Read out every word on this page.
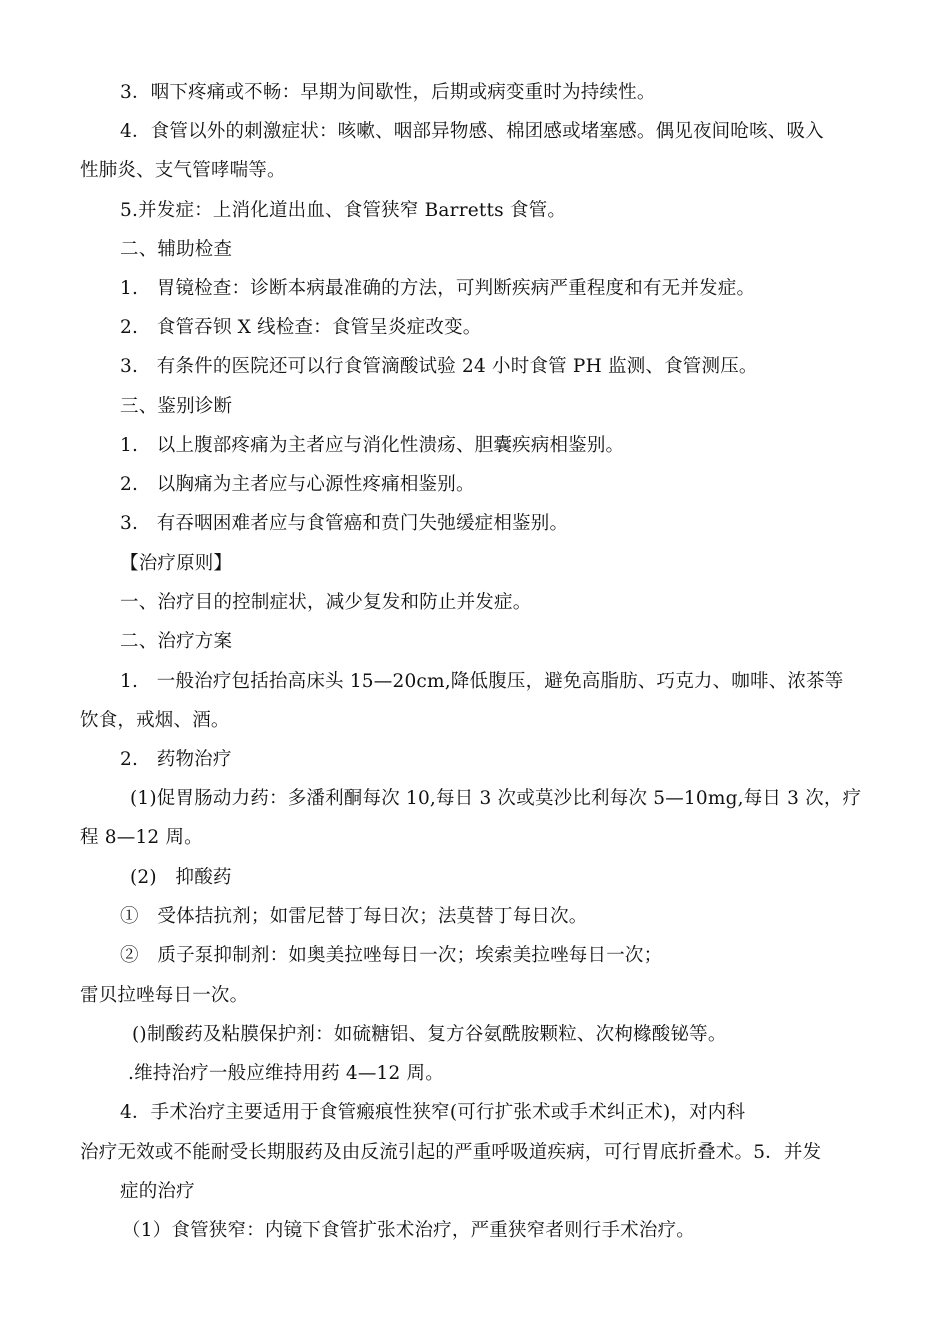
3．咽下疼痛或不畅：早期为间歇性，后期或病变重时为持续性。
4．食管以外的刺激症状：咳嗽、咽部异物感、棉团感或堵塞感。偶见夜间呛咳、吸入
性肺炎、支气管哮喘等。
5.并发症：上消化道出血、食管狭窄 Barretts 食管。
二、辅助检查
1.　胃镜检查：诊断本病最准确的方法，可判断疾病严重程度和有无并发症。
2.　食管吞钡 X 线检查：食管呈炎症改变。
3.　有条件的医院还可以行食管滴酸试验 24 小时食管 PH 监测、食管测压。
三、鉴别诊断
1.　以上腹部疼痛为主者应与消化性溃疡、胆囊疾病相鉴别。
2.　以胸痛为主者应与心源性疼痛相鉴别。
3.　有吞咽困难者应与食管癌和贲门失弛缓症相鉴别。
【治疗原则】
一、治疗目的控制症状，减少复发和防止并发症。
二、治疗方案
1.　一般治疗包括抬高床头 15—20cm,降低腹压，避免高脂肪、巧克力、咖啡、浓茶等
饮食，戒烟、酒。
2.　药物治疗
(1)促胃肠动力药：多潘利酮每次 10,每日 3 次或莫沙比利每次 5—10mg,每日 3 次，疗
程 8—12 周。
(2)　抑酸药
①　受体拮抗剂；如雷尼替丁每日次；法莫替丁每日次。
②　质子泵抑制剂：如奥美拉唑每日一次；埃索美拉唑每日一次；
雷贝拉唑每日一次。
()制酸药及粘膜保护剂：如硫糖铝、复方谷氨酰胺颗粒、次枸橼酸铋等。
.维持治疗一般应维持用药 4—12 周。
4．手术治疗主要适用于食管瘢痕性狭窄(可行扩张术或手术纠正术)，对内科
治疗无效或不能耐受长期服药及由反流引起的严重呼吸道疾病，可行胃底折叠术。5．并发
症的治疗
（1）食管狭窄：内镜下食管扩张术治疗，严重狭窄者则行手术治疗。
